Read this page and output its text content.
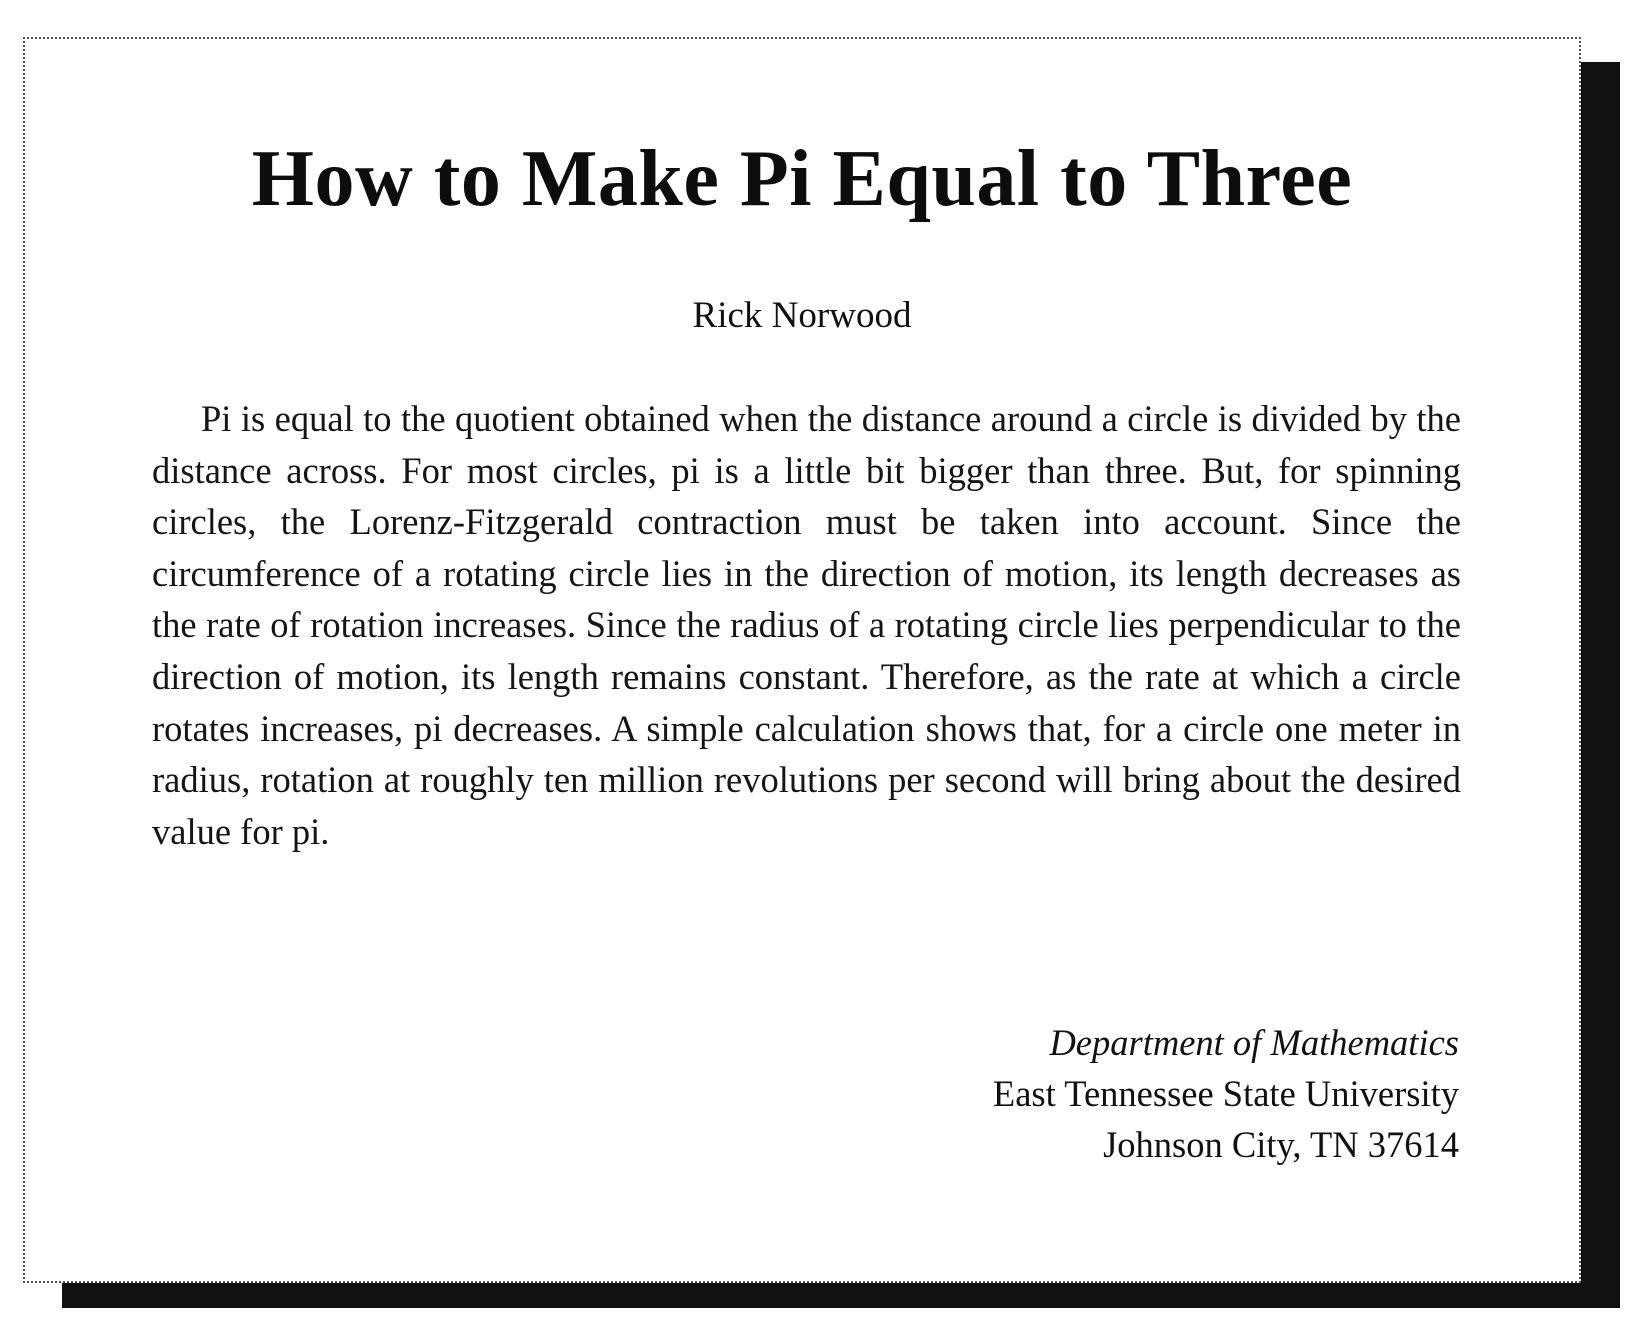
How to Make Pi Equal to Three
Rick Norwood

Pi is equal to the quotient obtained when the distance around a circle is divided by the distance across. For most circles, pi is a little bit bigger than three. But, for spinning circles, the Lorenz-Fitzgerald contraction must be taken into account. Since the circumference of a rotating circle lies in the direction of motion, its length decreases as the rate of rotation increases. Since the radius of a rotating circle lies perpendicular to the direction of motion, its length remains constant. Therefore, as the rate at which a circle rotates increases, pi decreases. A simple calculation shows that, for a circle one meter in radius, rotation at roughly ten million revolutions per second will bring about the desired value for pi.

Department of Mathematics
East Tennessee State University
Johnson City, TN 37614
